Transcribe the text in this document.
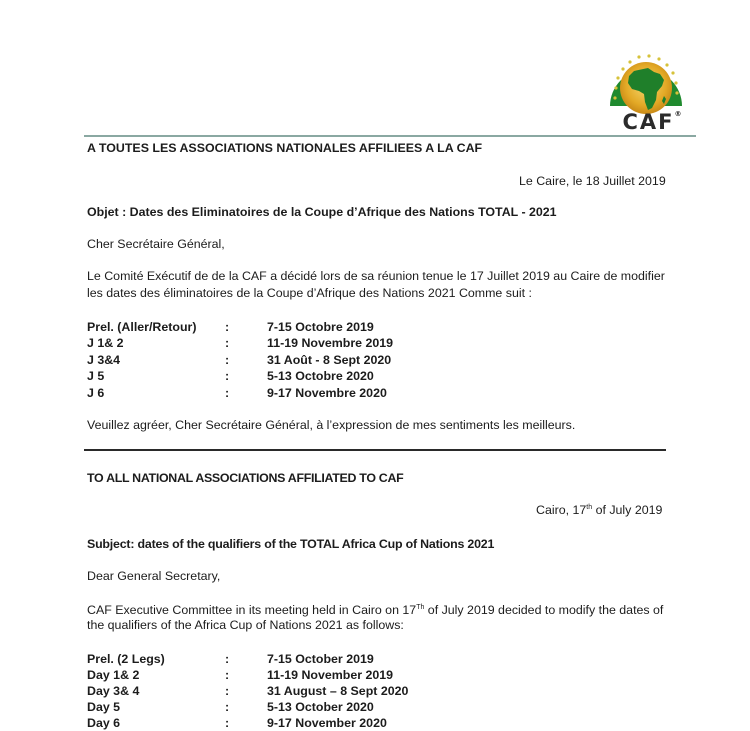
CAF®
A TOUTES LES ASSOCIATIONS NATIONALES AFFILIEES A LA CAF
Le Caire, le 18 Juillet 2019
Objet : Dates des Eliminatoires de la Coupe d’Afrique des Nations TOTAL - 2021
Cher Secrétaire Général,
Le Comité Exécutif de de la CAF a décidé lors de sa réunion tenue le 17 Juillet 2019 au Caire de modifier
les dates des éliminatoires de la Coupe d’Afrique des Nations 2021 Comme suit :
Prel. (Aller/Retour)	:	7-15 Octobre 2019
J 1& 2	:	11-19 Novembre 2019
J 3&4	:	31 Août - 8 Sept 2020
J 5	:	5-13 Octobre 2020
J 6	:	9-17 Novembre 2020
Veuillez agréer, Cher Secrétaire Général, à l’expression de mes sentiments les meilleurs.
TO ALL NATIONAL ASSOCIATIONS AFFILIATED TO CAF
Cairo, 17th of July 2019
Subject: dates of the qualifiers of the TOTAL Africa Cup of Nations 2021
Dear General Secretary,
CAF Executive Committee in its meeting held in Cairo on 17Th of July 2019 decided to modify the dates of
the qualifiers of the Africa Cup of Nations 2021 as follows:
Prel. (2 Legs)	:	7-15 October 2019
Day 1& 2	:	11-19 November 2019
Day 3& 4	:	31 August – 8 Sept 2020
Day 5	:	5-13 October 2020
Day 6	:	9-17 November 2020
